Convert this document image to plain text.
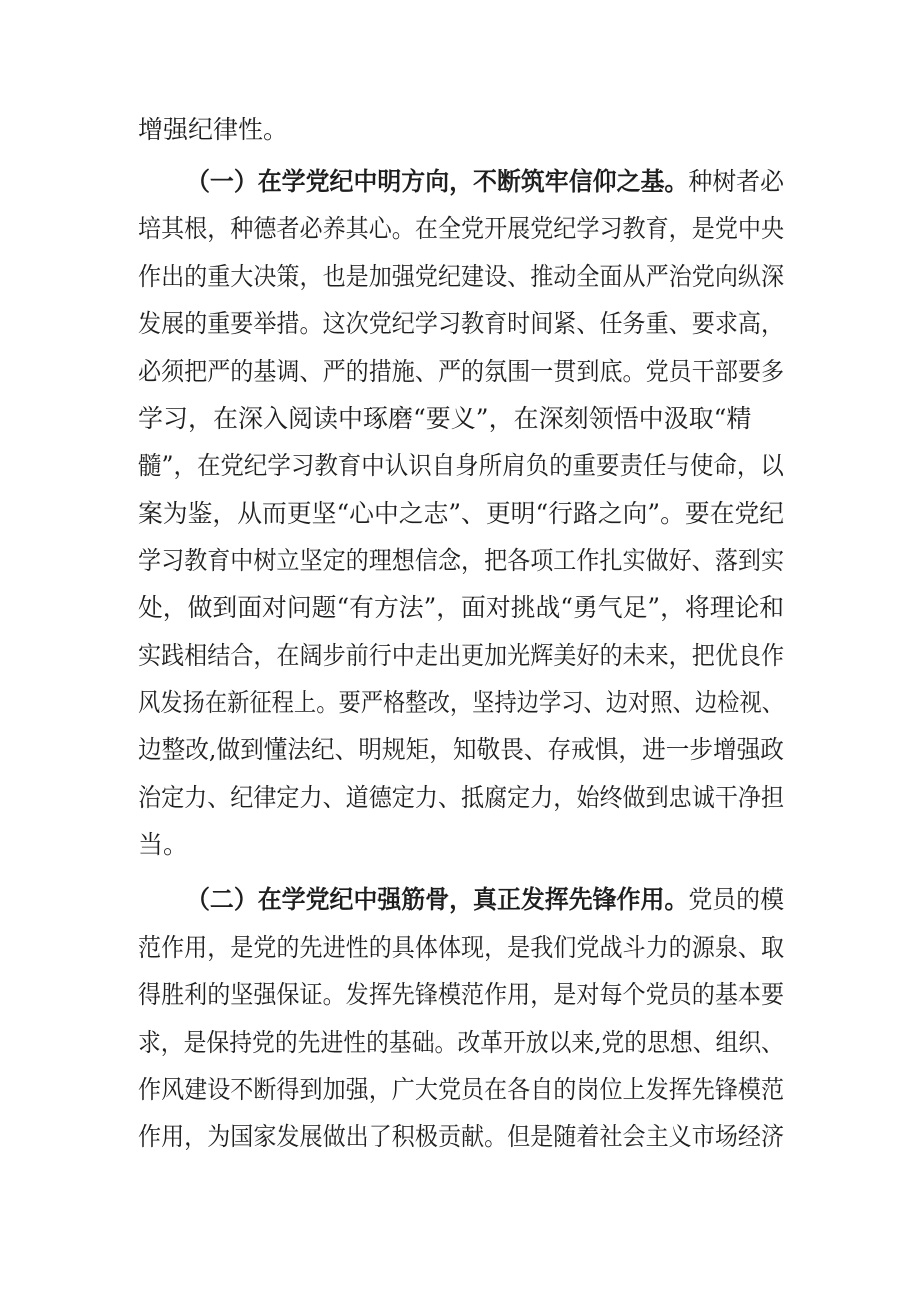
增强纪律性。
（一）在学党纪中明方向，不断筑牢信仰之基。种树者必
培其根，种德者必养其心。在全党开展党纪学习教育，是党中央
作出的重大决策，也是加强党纪建设、推动全面从严治党向纵深
发展的重要举措。这次党纪学习教育时间紧、任务重、要求高，
必须把严的基调、严的措施、严的氛围一贯到底。党员干部要多
学习，在深入阅读中琢磨“要义”，在深刻领悟中汲取“精
髓”，在党纪学习教育中认识自身所肩负的重要责任与使命，以
案为鉴，从而更坚“心中之志”、更明“行路之向”。要在党纪
学习教育中树立坚定的理想信念，把各项工作扎实做好、落到实
处，做到面对问题“有方法”，面对挑战“勇气足”，将理论和
实践相结合，在阔步前行中走出更加光辉美好的未来，把优良作
风发扬在新征程上。要严格整改，坚持边学习、边对照、边检视、
边整改,做到懂法纪、明规矩，知敬畏、存戒惧，进一步增强政
治定力、纪律定力、道德定力、抵腐定力，始终做到忠诚干净担
当。
（二）在学党纪中强筋骨，真正发挥先锋作用。党员的模
范作用，是党的先进性的具体体现，是我们党战斗力的源泉、取
得胜利的坚强保证。发挥先锋模范作用，是对每个党员的基本要
求，是保持党的先进性的基础。改革开放以来,党的思想、组织、
作风建设不断得到加强，广大党员在各自的岗位上发挥先锋模范
作用，为国家发展做出了积极贡献。但是随着社会主义市场经济
